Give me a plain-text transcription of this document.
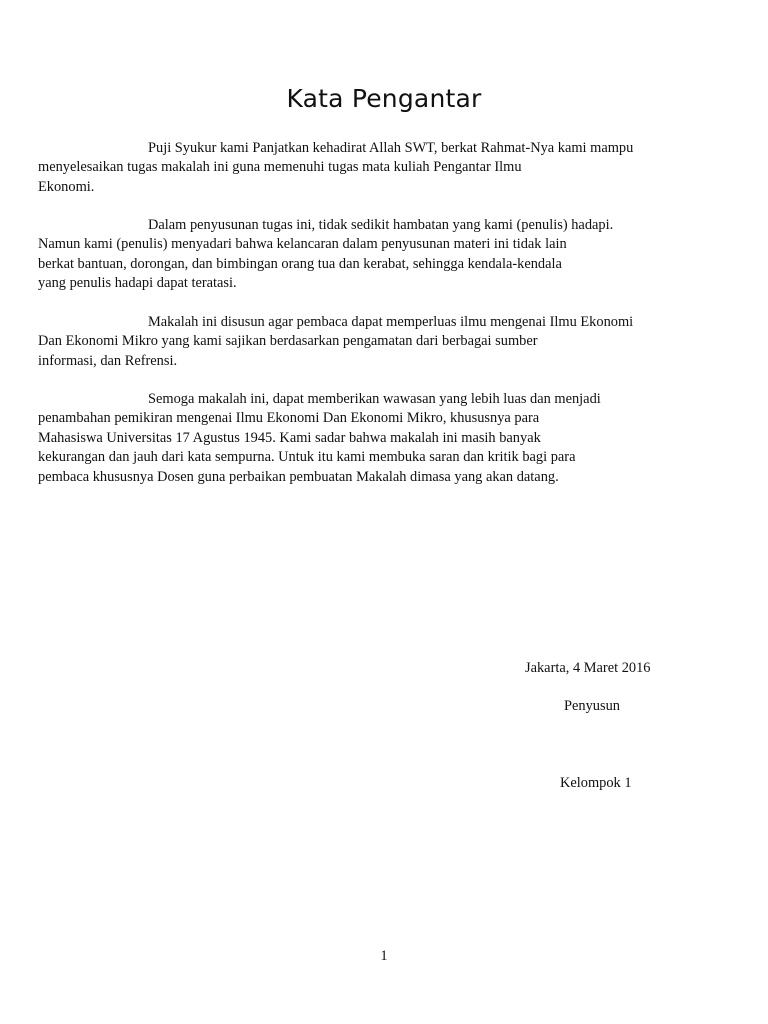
Kata Pengantar

Puji Syukur kami Panjatkan kehadirat Allah SWT, berkat Rahmat-Nya kami mampu
menyelesaikan tugas makalah ini guna memenuhi tugas mata kuliah Pengantar Ilmu
Ekonomi.

Dalam penyusunan tugas ini, tidak sedikit hambatan yang kami (penulis) hadapi.
Namun kami (penulis) menyadari bahwa kelancaran dalam penyusunan materi ini tidak lain
berkat bantuan, dorongan, dan bimbingan orang tua dan kerabat, sehingga kendala-kendala
yang penulis hadapi dapat teratasi.

Makalah ini disusun agar pembaca dapat memperluas ilmu mengenai Ilmu Ekonomi
Dan Ekonomi Mikro yang kami sajikan berdasarkan pengamatan dari berbagai sumber
informasi, dan Refrensi.

Semoga makalah ini, dapat memberikan wawasan yang lebih luas dan menjadi
penambahan pemikiran mengenai Ilmu Ekonomi Dan Ekonomi Mikro, khususnya para
Mahasiswa Universitas 17 Agustus 1945. Kami sadar bahwa makalah ini masih banyak
kekurangan dan jauh dari kata sempurna. Untuk itu kami membuka saran dan kritik bagi para
pembaca khususnya Dosen guna perbaikan pembuatan Makalah dimasa yang akan datang.

Jakarta, 4 Maret 2016

Penyusun

Kelompok 1

1
